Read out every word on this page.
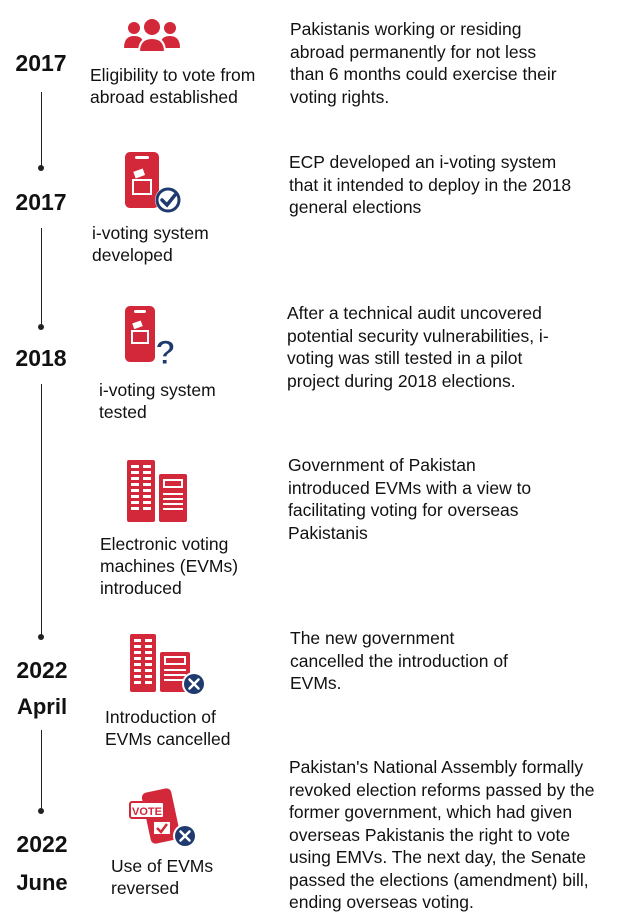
2017
2017
2018
2022
April
2022
June
Eligibility to vote from abroad established
Pakistanis working or residing abroad permanently for not less than 6 months could exercise their voting rights.
i-voting system developed
ECP developed an i-voting system that it intended to deploy in the 2018 general elections
?
i-voting system tested
After a technical audit uncovered potential security vulnerabilities, i-voting was still tested in a pilot project during 2018 elections.
Electronic voting machines (EVMs) introduced
Government of Pakistan introduced EVMs with a view to facilitating voting for overseas Pakistanis
Introduction of EVMs cancelled
The new government cancelled the introduction of EVMs.
VOTE
Use of EVMs reversed
Pakistan's National Assembly formally revoked election reforms passed by the former government, which had given overseas Pakistanis the right to vote using EMVs. The next day, the Senate passed the elections (amendment) bill, ending overseas voting.
